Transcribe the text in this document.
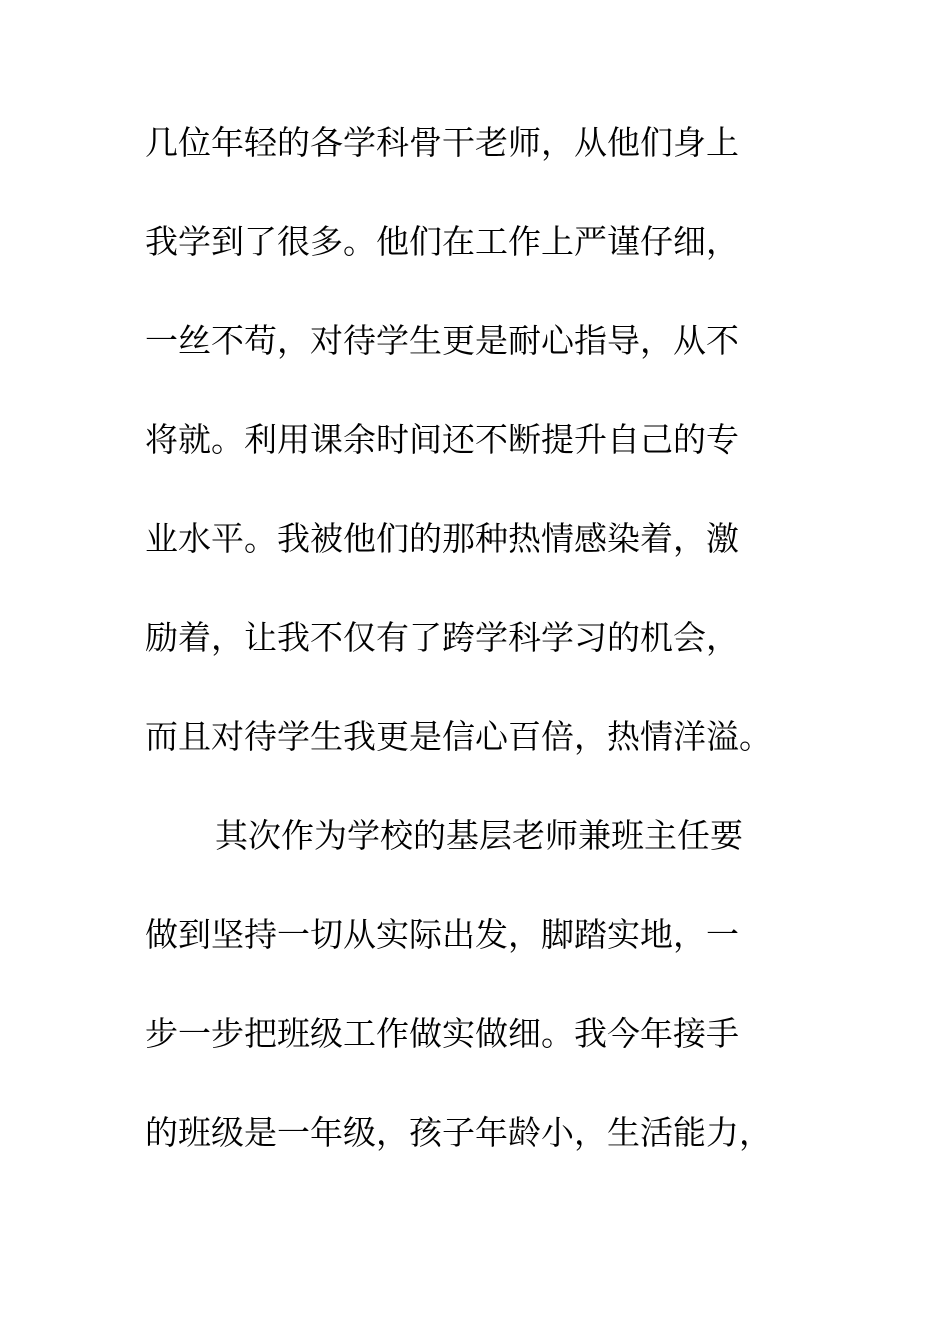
几位年轻的各学科骨干老师，从他们身上
我学到了很多。他们在工作上严谨仔细，
一丝不苟，对待学生更是耐心指导，从不
将就。利用课余时间还不断提升自己的专
业水平。我被他们的那种热情感染着，激
励着，让我不仅有了跨学科学习的机会，
而且对待学生我更是信心百倍，热情洋溢。
其次作为学校的基层老师兼班主任要
做到坚持一切从实际出发，脚踏实地，一
步一步把班级工作做实做细。我今年接手
的班级是一年级，孩子年龄小，生活能力，
